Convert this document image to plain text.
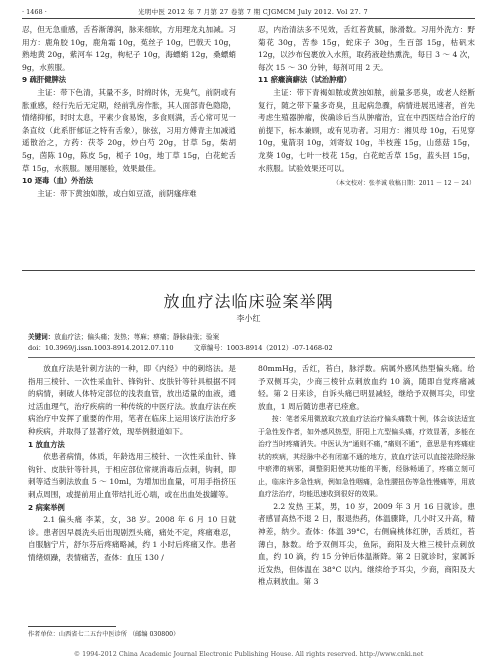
· 1468 ·	光明中医 2012 年 7 月第 27 卷第 7 期 CJGMCM July 2012. Vol 27. 7

忍，但无急重感，舌苔渐薄润，脉来细软，方用理龙丸加减。习用方：鹿角胶 10g，鹿角霜 10g，菟丝子 10g，巴戟天 10g，熟地黄 20g，紫河车 12g，枸杞子 10g，海螵蛸 12g，桑螵蛸 9g，水煎服。

9 疏肝健脾法

主证：带下色清，其量不多，时绵时休，无臭气，前阴或有胀重感，经行先后无定期，经前乳房作胀，其人面部青色隐隐，情绪抑郁，时时太息，平素少食易饱，多食则满，舌心常可见一条直纹（此系肝郁证之特有舌象），脉弦，习用方傅青主加减逍遥散治之，方药：茯苓 20g，炒白芍 20g，甘草 5g，柴胡 5g，茵陈 10g，陈皮 5g，栀子 10g，地丁草 15g，白花蛇舌草 15g，水煎服。屡用屡验，效果最佳。

10 逐毒（血）外治法

主证：带下黄浊如脓，或白如豆渣，前阴瘙痒难

忍，内治清法多不见效，舌红苔黄腻，脉滑数。习用外洗方：野菊花 30g，苦参 15g，蛇床子 30g，生百部 15g，枯矾末 12g，以沙布包裹放入水煎，取药液趁热熏洗，每日 3 ～ 4 次，每次 15 ～ 30 分钟，每剂可用 2 天。

11 瘀癥滴癖法（试治肿瘤）

主证：带下青褐如脓或黄浊如脓，前量多恶臭，或老人经断复行，随之带下量多奇臭，且起病急骤，病情进展迅速者，首先考虑生殖器肿瘤，俟确诊后当从肿瘤治，宜在中西医结合治疗的前提下，标本兼顾，或有见功者。习用方：湘贝母 10g，石见穿 10g，鬼箭羽 10g，刘寄奴 10g，半枝莲 15g，山慈菇 15g，龙葵 10g，七叶一枝花 15g，白花蛇舌草 15g，蓝头回 15g，水煎服。试验效果还可以。

（本文校对：张孝诚 收稿日期：2011 － 12 － 24）

放血疗法临床验案举隅
李小红
关键词：放血疗法；偏头痛；发热；荨麻；痹痛；静脉曲张；验案
doi：10.3969/j.issn.1003-8914.2012.07.110	文章编号：1003-8914（2012）-07-1468-02

放血疗法是针刺方法的一种，即《内经》中的刺络法。是指用三棱针、一次性采血针、锋钩针、皮肤针等针具根据不同的病情，刺破人体特定部位的浅表血管，放出适量的血液，通过活血理气，治疗疾病的一种传统的中医疗法。放血疗法在疾病治疗中发挥了重要的作用，笔者在临床上运用该疗法治疗多种疾病，并取得了显著疗效，现举例报道如下。

1 放血方法

依患者病情，体质，年龄选用三棱针、一次性采血针、锋钩针、皮肤针等针具，于相应部位常规消毒后点刺，钩刺，即刺等适当刺法放血 5 ～ 10ml，为增加出血量，可用手指挤压刺点周围，或提前用止血带结扎近心端，或在出血处拔罐等。

2 病案举例

2.1 偏头痛 李某，女，38 岁。2008 年 6 月 10 日就诊。患者因早晨洗头后出现剧烈头痛，痛处不定，疼痛难忍，自服脑宁片，舒尔芬后疼痛略减，约 1 小时后疼痛又作。患者情绪烦躁，表情痛苦，查体：血压 130 /

80mmHg，舌红，苔白，脉浮数。病属外感风热型偏头痛。给予双侧耳尖，少商三棱针点刺放血约 10 滴，随即自觉疼痛减轻。第 2 日来诊，自诉头痛已明显减轻，继给予双侧耳尖，印堂放血，1 周后随访患者已痊愈。

按：笔者采用微放取穴放血疗法治疗偏头痛数十例，体会该法适宜于急性发作者，如外感风热型，肝阳上亢型偏头痛，疗效显著，多能在治疗当时疼痛消失。中医认为“通则不痛，”痛则不通”，意思是有疼痛症状的疾病，其经脉中必有闭塞不通的地方，放血疗法可以直接祛除经脉中瘀滞的病邪，调整阴阳使其功能的平衡，经脉畅通了，疼痛立刻可止，临床许多急性病，例如急性咽痛，急性腰扭伤等急性慢痛等，用放血疗法治疗，均能迅速收到很好的效果。

2.2 发热 王某，男，10 岁，2009 年 3 月 16 日就诊。患者感冒高热不退 2 日，服退热药，体温骤降，几小时又升高，精神差，纳少。查体：体温 39°C，右侧扁桃体红肿，舌质红，苔薄白，脉数。给予双侧耳尖，鱼际，商阳及大椎三棱针点刺放血，约 10 滴，约 15 分钟后体温渐降。第 2 日就诊时，家属诉近发热，但体温在 38°C 以内。继续给予耳尖，少商，商阳及大椎点刺放血。第 3

作者单位：山西省七二五台中医诊所 （邮编 030800）
© 1994-2012 China Academic Journal Electronic Publishing House. All rights reserved. http://www.cnki.net
